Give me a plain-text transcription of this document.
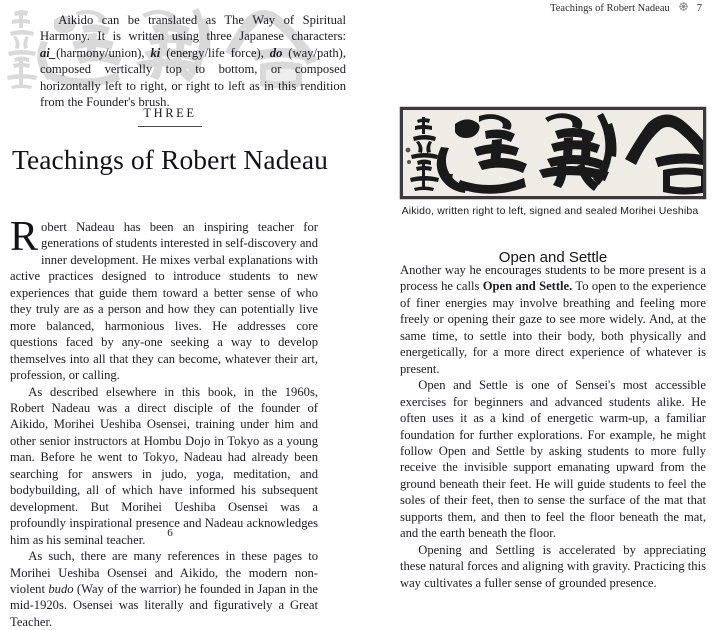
THREE
Teachings of Robert Nadeau

Robert Nadeau has been an inspiring teacher for generations of students interested in self-discovery and inner development. He mixes verbal explanations with active practices designed to introduce students to new experiences that guide them toward a better sense of who they truly are as a person and how they can potentially live more balanced, harmonious lives. He addresses core questions faced by any-one seeking a way to develop themselves into all that they can become, whatever their art, profession, or calling.

As described elsewhere in this book, in the 1960s, Robert Nadeau was a direct disciple of the founder of Aikido, Morihei Ueshiba Osensei, training under him and other senior instructors at Hombu Dojo in Tokyo as a young man. Before he went to Tokyo, Nadeau had already been searching for answers in judo, yoga, meditation, and bodybuilding, all of which have informed his subsequent development. But Morihei Ueshiba Osensei was a profoundly inspirational presence and Nadeau acknowledges him as his seminal teacher.

As such, there are many references in these pages to Morihei Ueshiba Osensei and Aikido, the modern non-violent budo (Way of the warrior) he founded in Japan in the mid-1920s. Osensei was literally and figuratively a Great Teacher.

6
Teachings of Robert Nadeau	7

Aikido can be translated as The Way of Spiritual Harmony. It is written using three Japanese characters: ai_(harmony/union), ki (energy/life force), do (way/path), composed vertically top to bottom, or composed horizontally left to right, or right to left as in this rendition from the Founder's brush.

Aikido, written right to left, signed and sealed Morihei Ueshiba
Open and Settle

Another way he encourages students to be more present is a process he calls Open and Settle. To open to the experience of finer energies may involve breathing and feeling more freely or opening their gaze to see more widely. And, at the same time, to settle into their body, both physically and energetically, for a more direct experience of whatever is present.

Open and Settle is one of Sensei's most accessible exercises for beginners and advanced students alike. He often uses it as a kind of energetic warm-up, a familiar foundation for further explorations. For example, he might follow Open and Settle by asking students to more fully receive the invisible support emanating upward from the ground beneath their feet. He will guide students to feel the soles of their feet, then to sense the surface of the mat that supports them, and then to feel the floor beneath the mat, and the earth beneath the floor.

Opening and Settling is accelerated by appreciating these natural forces and aligning with gravity. Practicing this way cultivates a fuller sense of grounded presence.
